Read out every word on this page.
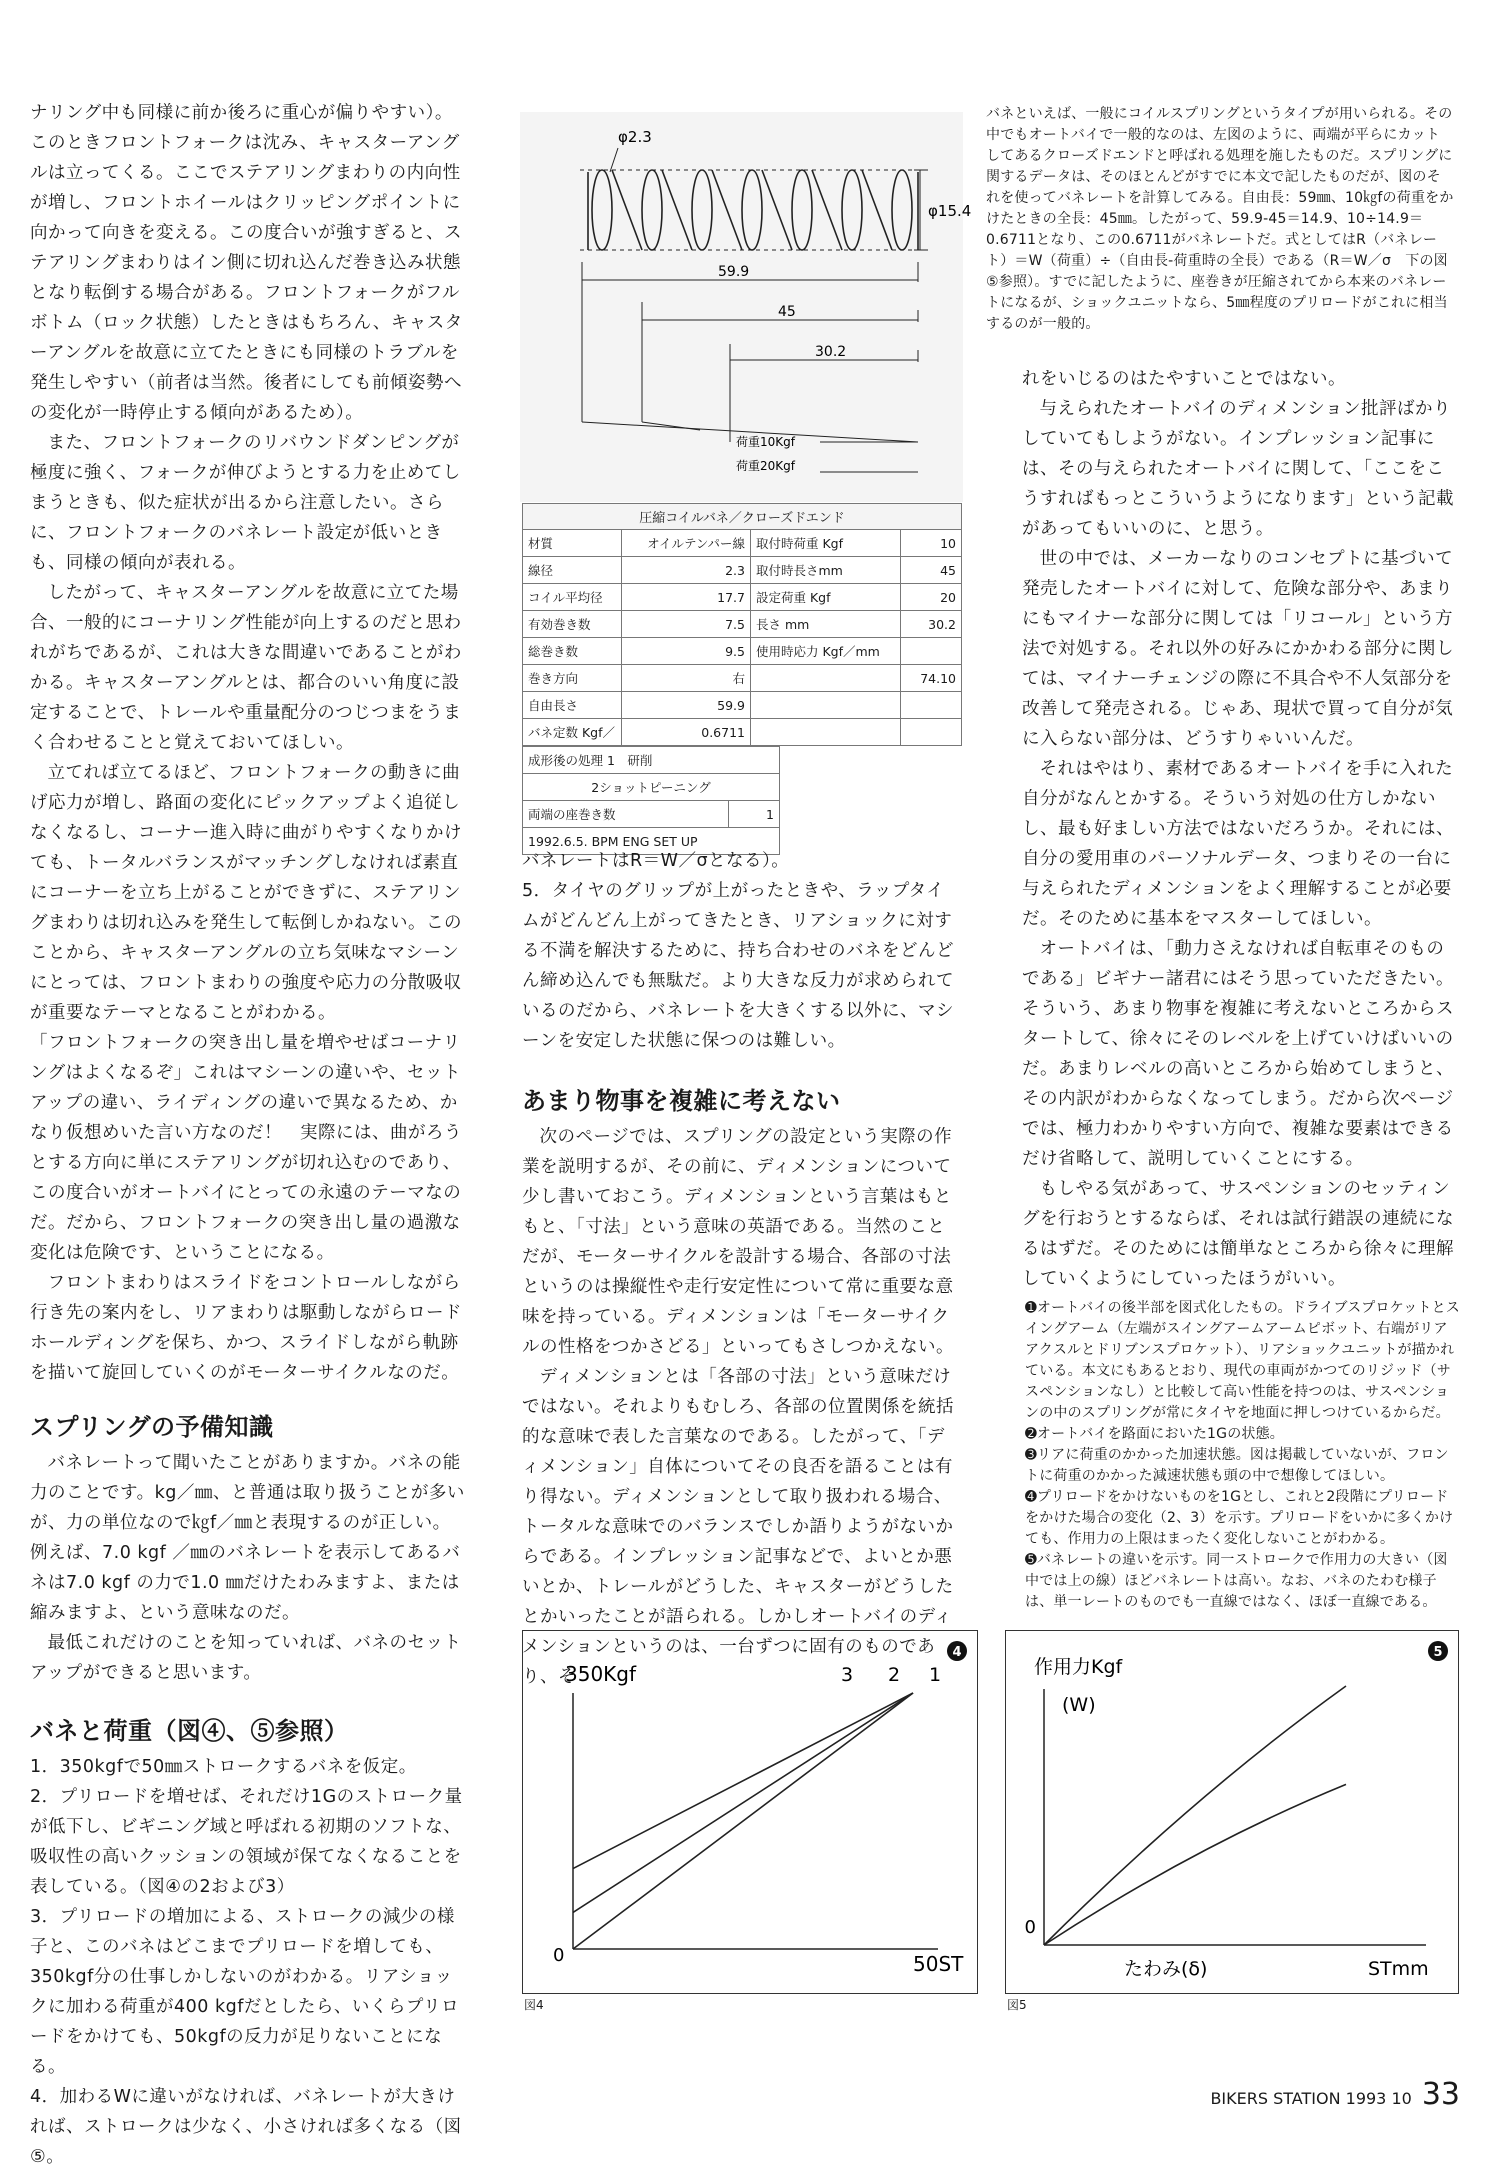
ナリング中も同様に前か後ろに重心が偏りやすい）。このときフロントフォークは沈み、キャスターアングルは立ってくる。ここでステアリングまわりの内向性が増し、フロントホイールはクリッピングポイントに向かって向きを変える。この度合いが強すぎると、ステアリングまわりはイン側に切れ込んだ巻き込み状態となり転倒する場合がある。フロントフォークがフルボトム（ロック状態）したときはもちろん、キャスターアングルを故意に立てたときにも同様のトラブルを発生しやすい（前者は当然。後者にしても前傾姿勢への変化が一時停止する傾向があるため）。

また、フロントフォークのリバウンドダンピングが極度に強く、フォークが伸びようとする力を止めてしまうときも、似た症状が出るから注意したい。さらに、フロントフォークのバネレート設定が低いときも、同様の傾向が表れる。

したがって、キャスターアングルを故意に立てた場合、一般的にコーナリング性能が向上するのだと思われがちであるが、これは大きな間違いであることがわかる。キャスターアングルとは、都合のいい角度に設定することで、トレールや重量配分のつじつまをうまく合わせることと覚えておいてほしい。

立てれば立てるほど、フロントフォークの動きに曲げ応力が増し、路面の変化にピックアップよく追従しなくなるし、コーナー進入時に曲がりやすくなりかけても、トータルバランスがマッチングしなければ素直にコーナーを立ち上がることができずに、ステアリングまわりは切れ込みを発生して転倒しかねない。このことから、キャスターアングルの立ち気味なマシーンにとっては、フロントまわりの強度や応力の分散吸収が重要なテーマとなることがわかる。

「フロントフォークの突き出し量を増やせばコーナリングはよくなるぞ」これはマシーンの違いや、セットアップの違い、ライディングの違いで異なるため、かなり仮想めいた言い方なのだ！　実際には、曲がろうとする方向に単にステアリングが切れ込むのであり、この度合いがオートバイにとっての永遠のテーマなのだ。だから、フロントフォークの突き出し量の過激な変化は危険です、ということになる。

フロントまわりはスライドをコントロールしながら行き先の案内をし、リアまわりは駆動しながらロードホールディングを保ち、かつ、スライドしながら軌跡を描いて旋回していくのがモーターサイクルなのだ。

スプリングの予備知識

バネレートって聞いたことがありますか。バネの能力のことです。kg／㎜、と普通は取り扱うことが多いが、力の単位なので㎏f／㎜と表現するのが正しい。例えば、7.0 kgf ／㎜のバネレートを表示してあるバネは7.0 kgf の力で1.0 ㎜だけたわみますよ、または縮みますよ、という意味なのだ。

最低これだけのことを知っていれば、バネのセットアップができると思います。

バネと荷重（図④、⑤参照）
1．350kgfで50㎜ストロークするバネを仮定。
2．プリロードを増せば、それだけ1Gのストローク量が低下し、ビギニング域と呼ばれる初期のソフトな、吸収性の高いクッションの領域が保てなくなることを表している。（図④の2および3）
3．プリロードの増加による、ストロークの減少の様子と、このバネはどこまでプリロードを増しても、350kgf分の仕事しかしないのがわかる。リアショックに加わる荷重が400 kgfだとしたら、いくらプリロードをかけても、50kgfの反力が足りないことになる。
4．加わるWに違いがなければ、バネレートが大きければ、ストロークは少なく、小さければ多くなる（図⑤。
φ2.3
φ15.4
59.9
45
30.2
荷重10Kgf
荷重20Kgf
圧縮コイルバネ／クローズドエンド
材質	オイルテンパー線	取付時荷重 Kgf	10
線径	2.3	取付時長さmm	45
コイル平均径	17.7	設定荷重 Kgf	20
有効巻き数	7.5	長さ mm	30.2
総巻き数	9.5	使用時応力 Kgf／mm	
巻き方向	右		74.10
自由長さ	59.9		
バネ定数 Kgf／	0.6711		
成形後の処理 1　研削
2ショットピーニング
両端の座巻き数	1
1992.6.5. BPM ENG SET UP

バネレートはR＝W／σとなる）。

5．タイヤのグリップが上がったときや、ラップタイムがどんどん上がってきたとき、リアショックに対する不満を解決するために、持ち合わせのバネをどんどん締め込んでも無駄だ。より大きな反力が求められているのだから、バネレートを大きくする以外に、マシーンを安定した状態に保つのは難しい。

あまり物事を複雑に考えない

次のページでは、スプリングの設定という実際の作業を説明するが、その前に、ディメンションについて少し書いておこう。ディメンションという言葉はもともと、「寸法」という意味の英語である。当然のことだが、モーターサイクルを設計する場合、各部の寸法というのは操縦性や走行安定性について常に重要な意味を持っている。ディメンションは「モーターサイクルの性格をつかさどる」といってもさしつかえない。

ディメンションとは「各部の寸法」という意味だけではない。それよりもむしろ、各部の位置関係を統括的な意味で表した言葉なのである。したがって、「ディメンション」自体についてその良否を語ることは有り得ない。ディメンションとして取り扱われる場合、トータルな意味でのバランスでしか語りようがないからである。インプレッション記事などで、よいとか悪いとか、トレールがどうした、キャスターがどうしたとかいったことが語られる。しかしオートバイのディメンションというのは、一台ずつに固有のものであり、そ

バネといえば、一般にコイルスプリングというタイプが用いられる。その中でもオートバイで一般的なのは、左図のように、両端が平らにカットしてあるクローズドエンドと呼ばれる処理を施したものだ。スプリングに関するデータは、そのほとんどがすでに本文で記したものだが、図のそれを使ってバネレートを計算してみる。自由長：59㎜、10㎏fの荷重をかけたときの全長：45㎜。したがって、59.9-45＝14.9、10÷14.9＝0.6711となり、この0.6711がバネレートだ。式としてはR（バネレート）＝W（荷重）÷（自由長-荷重時の全長）である（R＝W／σ　下の図⑤参照）。すでに記したように、座巻きが圧縮されてから本来のバネレートになるが、ショックユニットなら、5㎜程度のプリロードがこれに相当するのが一般的。

れをいじるのはたやすいことではない。

与えられたオートバイのディメンション批評ばかりしていてもしようがない。インプレッション記事には、その与えられたオートバイに関して、「ここをこうすればもっとこういうようになります」という記載があってもいいのに、と思う。

世の中では、メーカーなりのコンセプトに基づいて発売したオートバイに対して、危険な部分や、あまりにもマイナーな部分に関しては「リコール」という方法で対処する。それ以外の好みにかかわる部分に関しては、マイナーチェンジの際に不具合や不人気部分を改善して発売される。じゃあ、現状で買って自分が気に入らない部分は、どうすりゃいいんだ。

それはやはり、素材であるオートバイを手に入れた自分がなんとかする。そういう対処の仕方しかないし、最も好ましい方法ではないだろうか。それには、自分の愛用車のパーソナルデータ、つまりその一台に与えられたディメンションをよく理解することが必要だ。そのために基本をマスターしてほしい。

オートバイは、「動力さえなければ自転車そのものである」ビギナー諸君にはそう思っていただきたい。そういう、あまり物事を複雑に考えないところからスタートして、徐々にそのレベルを上げていけばいいのだ。あまりレベルの高いところから始めてしまうと、その内訳がわからなくなってしまう。だから次ページでは、極力わかりやすい方向で、複雑な要素はできるだけ省略して、説明していくことにする。

もしやる気があって、サスペンションのセッティングを行おうとするならば、それは試行錯誤の連続になるはずだ。そのためには簡単なところから徐々に理解していくようにしていったほうがいい。

➊オートバイの後半部を図式化したもの。ドライブスプロケットとスイングアーム（左端がスイングアームアームピボット、右端がリアアクスルとドリブンスプロケット）、リアショックユニットが描かれている。本文にもあるとおり、現代の車両がかつてのリジッド（サスペンションなし）と比較して高い性能を持つのは、サスペンションの中のスプリングが常にタイヤを地面に押しつけているからだ。

➋オートバイを路面においた1Gの状態。

➌リアに荷重のかかった加速状態。図は掲載していないが、フロントに荷重のかかった減速状態も頭の中で想像してほしい。

➍プリロードをかけないものを1Gとし、これと2段階にプリロードをかけた場合の変化（2、3）を示す。プリロードをいかに多くかけても、作用力の上限はまったく変化しないことがわかる。

➎バネレートの違いを示す。同一ストロークで作用力の大きい（図中では上の線）ほどバネレートは高い。なお、バネのたわむ様子は、単一レートのものでも一直線ではなく、ほぼ一直線である。

4
350Kgf
0	50ST
3 2 1
図4
5
作用力Kgf
(W)
0
たわみ(δ)	STmm
図5
BIKERS STATION 1993 10 33
